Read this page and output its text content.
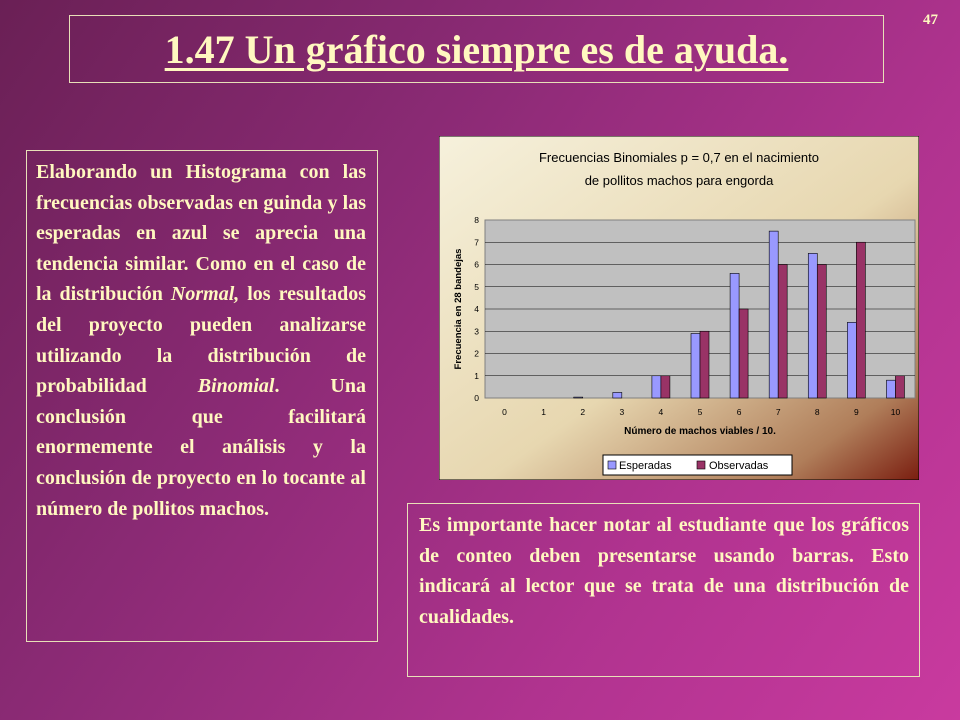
47
1.47 Un gráfico siempre es de ayuda.

Elaborando un Histograma con las frecuencias observadas en guinda y las esperadas en azul se aprecia una tendencia similar. Como en el caso de la distribución Normal, los resultados del proyecto pueden analizarse utilizando la distribución de probabilidad Binomial. Una conclusión que facilitará enormemente el análisis y la conclusión de proyecto en lo tocante al número de pollitos machos.

Es importante hacer notar al estudiante que los gráficos de conteo deben presentarse usando barras. Esto indicará al lector que se trata de una distribución de cualidades.

Frecuencias Binomiales p = 0,7 en el nacimiento
de pollitos machos para engorda
0
1
2
3
4
5
6
7
8
0	1	2	3	4	5	6	7	8	9	10
Número de machos viables / 10.
Frecuencia en 28 bandejas
Esperadas	Observadas
